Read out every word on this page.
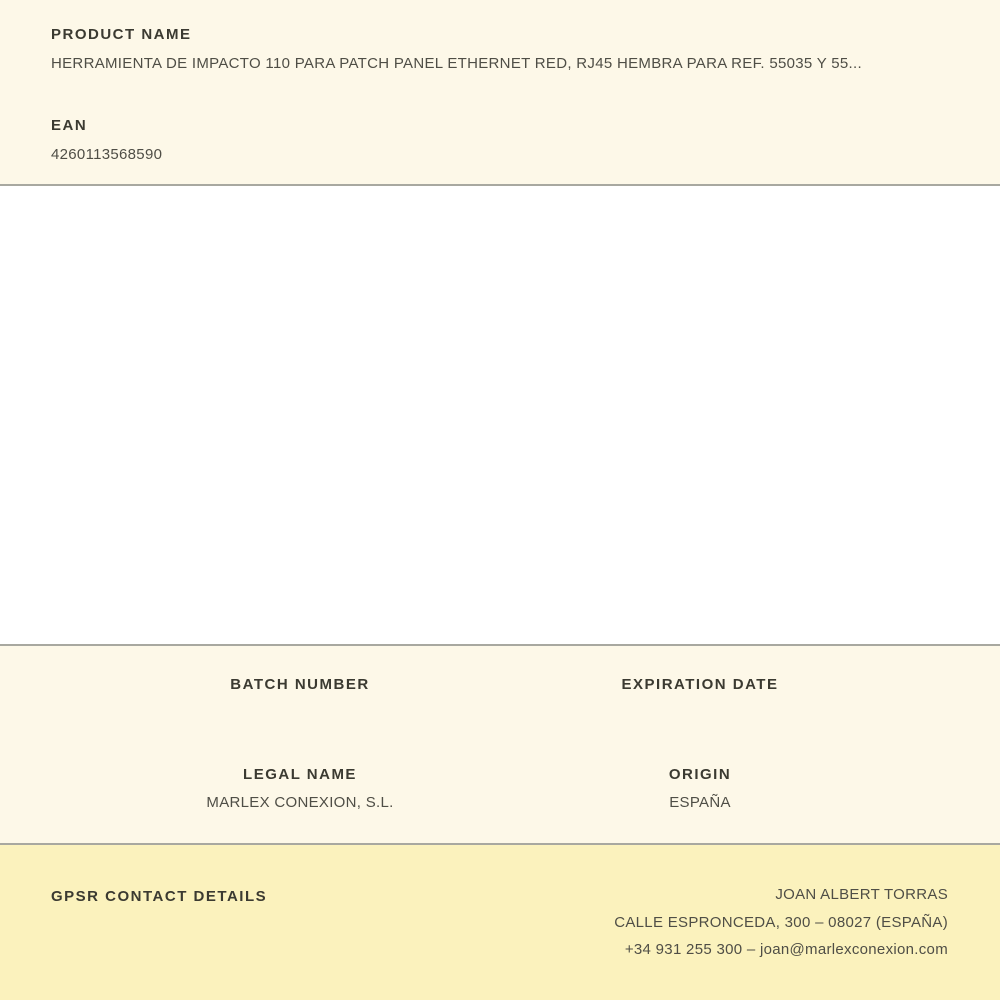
PRODUCT NAME

HERRAMIENTA DE IMPACTO 110 PARA PATCH PANEL ETHERNET RED, RJ45 HEMBRA PARA REF. 55035 Y 55...

EAN

4260113568590

BATCH NUMBER	EXPIRATION DATE
LEGAL NAME	ORIGIN

MARLEX CONEXION, S.L.	ESPAÑA

GPSR CONTACT DETAILS	JOAN ALBERT TORRAS

CALLE ESPRONCEDA, 300 – 08027 (ESPAÑA)

+34 931 255 300 – joan@marlexconexion.com
